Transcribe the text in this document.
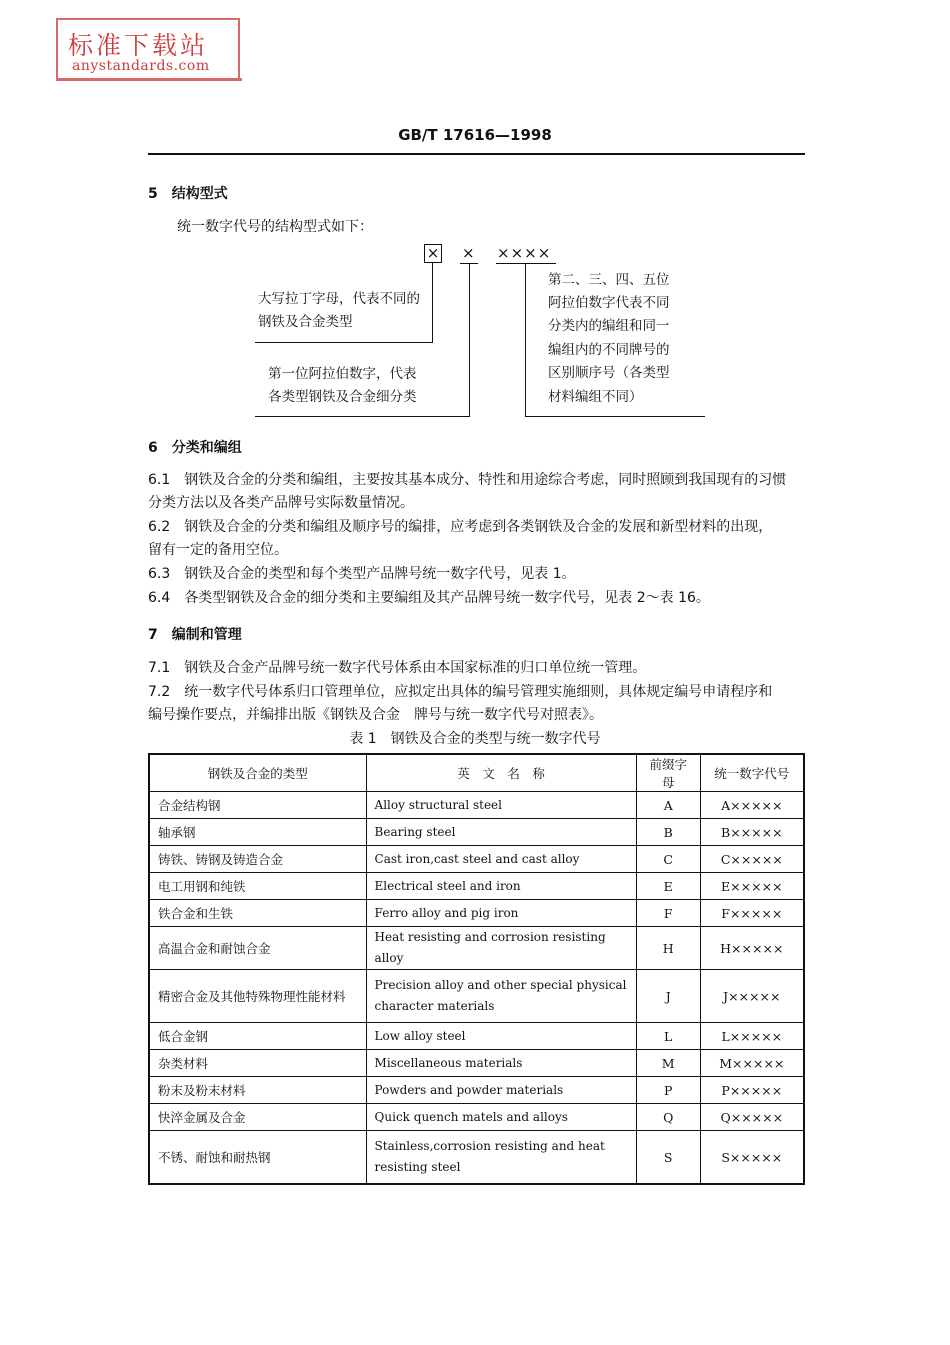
标准下载站
anystandards.com
GB/T 17616—1998
5　结构型式
统一数字代号的结构型式如下：
× × ××××
大写拉丁字母，代表不同的
钢铁及合金类型
第一位阿拉伯数字，代表
各类型钢铁及合金细分类
第二、三、四、五位
阿拉伯数字代表不同
分类内的编组和同一
编组内的不同牌号的
区别顺序号（各类型
材料编组不同）
6　分类和编组
6.1　钢铁及合金的分类和编组，主要按其基本成分、特性和用途综合考虑，同时照顾到我国现有的习惯
分类方法以及各类产品牌号实际数量情况。
6.2　钢铁及合金的分类和编组及顺序号的编排，应考虑到各类钢铁及合金的发展和新型材料的出现，
留有一定的备用空位。
6.3　钢铁及合金的类型和每个类型产品牌号统一数字代号，见表 1。
6.4　各类型钢铁及合金的细分类和主要编组及其产品牌号统一数字代号，见表 2～表 16。
7　编制和管理
7.1　钢铁及合金产品牌号统一数字代号体系由本国家标准的归口单位统一管理。
7.2　统一数字代号体系归口管理单位，应拟定出具体的编号管理实施细则，具体规定编号申请程序和
编号操作要点，并编排出版《钢铁及合金　牌号与统一数字代号对照表》。
表 1　钢铁及合金的类型与统一数字代号
钢铁及合金的类型	英　文　名　称	前缀字母	统一数字代号
合金结构钢	Alloy structural steel	A	A×××××
轴承钢	Bearing steel	B	B×××××
铸铁、铸钢及铸造合金	Cast iron,cast steel and cast alloy	C	C×××××
电工用钢和纯铁	Electrical steel and iron	E	E×××××
铁合金和生铁	Ferro alloy and pig iron	F	F×××××
高温合金和耐蚀合金	Heat resisting and corrosion resisting alloy	H	H×××××
精密合金及其他特殊物理性能材料	Precision alloy and other special physical character materials	J	J×××××
低合金钢	Low alloy steel	L	L×××××
杂类材料	Miscellaneous materials	M	M×××××
粉末及粉末材料	Powders and powder materials	P	P×××××
快淬金属及合金	Quick quench matels and alloys	Q	Q×××××
不锈、耐蚀和耐热钢	Stainless,corrosion resisting and heat resisting steel	S	S×××××
